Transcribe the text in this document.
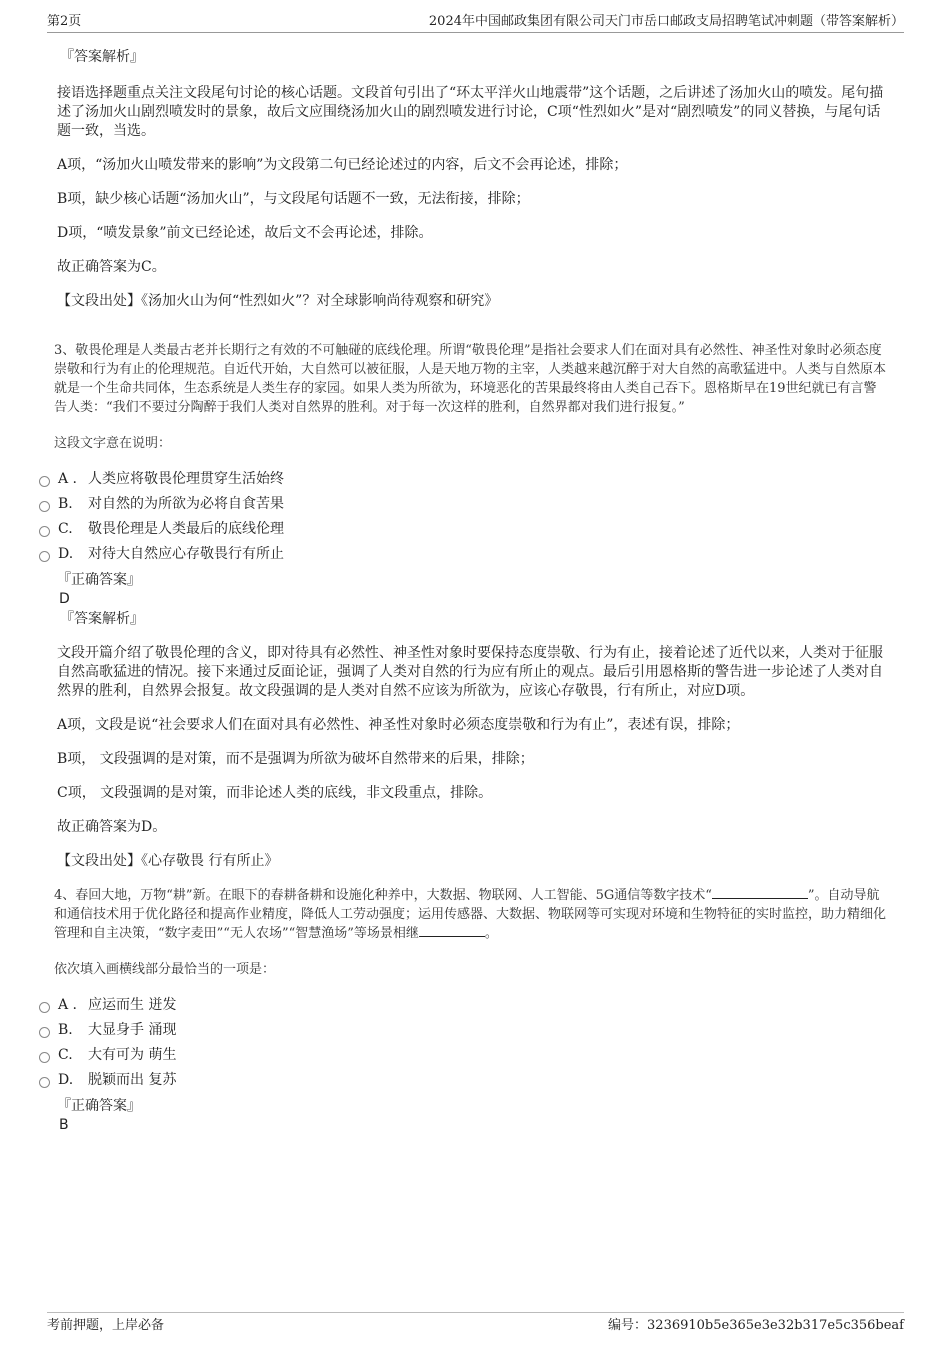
第2页	2024年中国邮政集团有限公司天门市岳口邮政支局招聘笔试冲刺题（带答案解析）

『答案解析』

接语选择题重点关注文段尾句讨论的核心话题。文段首句引出了“环太平洋火山地震带”这个话题，之后讲述了汤加火山的喷发。尾句描述了汤加火山剧烈喷发时的景象，故后文应围绕汤加火山的剧烈喷发进行讨论，C项“性烈如火”是对“剧烈喷发”的同义替换，与尾句话题一致，当选。

A项，“汤加火山喷发带来的影响”为文段第二句已经论述过的内容，后文不会再论述，排除；

B项，缺少核心话题“汤加火山”，与文段尾句话题不一致，无法衔接，排除；

D项，“喷发景象”前文已经论述，故后文不会再论述，排除。

故正确答案为C。

【文段出处】《汤加火山为何“性烈如火”？对全球影响尚待观察和研究》

3、敬畏伦理是人类最古老并长期行之有效的不可触碰的底线伦理。所谓“敬畏伦理”是指社会要求人们在面对具有必然性、神圣性对象时必须态度崇敬和行为有止的伦理规范。自近代开始，大自然可以被征服，人是天地万物的主宰，人类越来越沉醉于对大自然的高歌猛进中。人类与自然原本就是一个生命共同体，生态系统是人类生存的家园。如果人类为所欲为，环境恶化的苦果最终将由人类自己吞下。恩格斯早在19世纪就已有言警告人类：“我们不要过分陶醉于我们人类对自然界的胜利。对于每一次这样的胜利，自然界都对我们进行报复。”

这段文字意在说明：

A . 人类应将敬畏伦理贯穿生活始终
B. 对自然的为所欲为必将自食苦果
C. 敬畏伦理是人类最后的底线伦理
D. 对待大自然应心存敬畏行有所止

『正确答案』

D

『答案解析』

文段开篇介绍了敬畏伦理的含义，即对待具有必然性、神圣性对象时要保持态度崇敬、行为有止，接着论述了近代以来，人类对于征服自然高歌猛进的情况。接下来通过反面论证，强调了人类对自然的行为应有所止的观点。最后引用恩格斯的警告进一步论述了人类对自然界的胜利，自然界会报复。故文段强调的是人类对自然不应该为所欲为，应该心存敬畏，行有所止，对应D项。

A项，文段是说“社会要求人们在面对具有必然性、神圣性对象时必须态度崇敬和行为有止”，表述有误，排除；

B项， 文段强调的是对策，而不是强调为所欲为破坏自然带来的后果，排除；

C项， 文段强调的是对策，而非论述人类的底线，非文段重点，排除。

故正确答案为D。

【文段出处】《心存敬畏 行有所止》

4、春回大地，万物“耕”新。在眼下的春耕备耕和设施化种养中，大数据、物联网、人工智能、5G通信等数字技术“	”。自动导航和通信技术用于优化路径和提高作业精度，降低人工劳动强度；运用传感器、大数据、物联网等可实现对环境和生物特征的实时监控，助力精细化管理和自主决策，“数字麦田”“无人农场”“智慧渔场”等场景相继	。

依次填入画横线部分最恰当的一项是：

A . 应运而生 迸发
B. 大显身手 涌现
C. 大有可为 萌生
D. 脱颖而出 复苏

『正确答案』

B

考前押题，上岸必备	编号：3236910b5e365e3e32b317e5c356beaf
